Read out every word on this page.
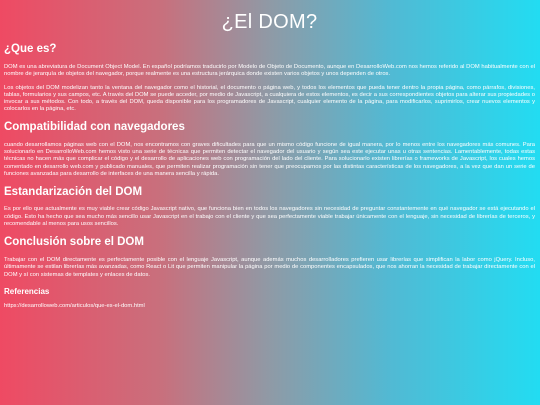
¿El DOM?
¿Que es?

DOM es una abreviatura de Document Object Model. En español podríamos traducirlo por Modelo de Objeto de Documento, aunque en DesarrolloWeb.com nos hemos referido al DOM habitualmente con el nombre de jerarquía de objetos del navegador, porque realmente es una estructura jerárquica donde existen varios objetos y unos dependen de otros.

Los objetos del DOM modelizan tanto la ventana del navegador como el historial, el documento o página web, y todos los elementos que pueda tener dentro la propia página, como párrafos, divisiones, tablas, formularios y sus campos, etc. A través del DOM se puede acceder, por medio de Javascript, a cualquiera de estos elementos, es decir a sus correspondientes objetos para alterar sus propiedades o invocar a sus métodos. Con todo, a través del DOM, queda disponible para los programadores de Javascript, cualquier elemento de la página, para modificarlos, suprimirlos, crear nuevos elementos y colocarlos en la página, etc.

Compatibilidad con navegadores

cuando desarrollamos páginas web con el DOM, nos encontramos con graves dificultades para que un mismo código funcione de igual manera, por lo menos entre los navegadores más comunes. Para solucionarlo en DesarrolloWeb.com hemos visto una serie de técnicas que permiten detectar el navegador del usuario y según sea este ejecutar unas u otras sentencias. Lamentablemente, todas estas técnicas no hacen más que complicar el código y el desarrollo de aplicaciones web con programación del lado del cliente. Para solucionarlo existen librerías o frameworks de Javascript, los cuales hemos comentado en desarrollo web.com y publicado manuales, que permiten realizar programación sin tener que preocuparnos por las distintas características de los navegadores, a la vez que dan un serie de funciones avanzadas para desarrollo de interfaces de una manera sencilla y rápida.

Estandarización del DOM

Es por ello que actualmente es muy viable crear código Javascript nativo, que funciona bien en todos los navegadores sin necesidad de preguntar constantemente en qué navegador se está ejecutando el código. Esto ha hecho que sea mucho más sencillo usar Javascript en el trabajo con el cliente y que sea perfectamente viable trabajar únicamente con el lenguaje, sin necesidad de librerías de terceros, y recomendable al menos para usos sencillos.

Conclusión sobre el DOM

Trabajar con el DOM directamente es perfectamente posible con el lenguaje Javascript, aunque además muchos desarrolladores prefieren usar librerías que simplifican la labor como jQuery. Incluso, últimamente se estilan librerías más avanzadas, como React o Lit que permiten manipular la página por medio de componentes encapsulados, que nos ahorran la necesidad de trabajar directamente con el DOM y sí con sistemas de templates y enlaces de datos.

Referencias

https://desarrolloweb.com/articulos/que-es-el-dom.html
